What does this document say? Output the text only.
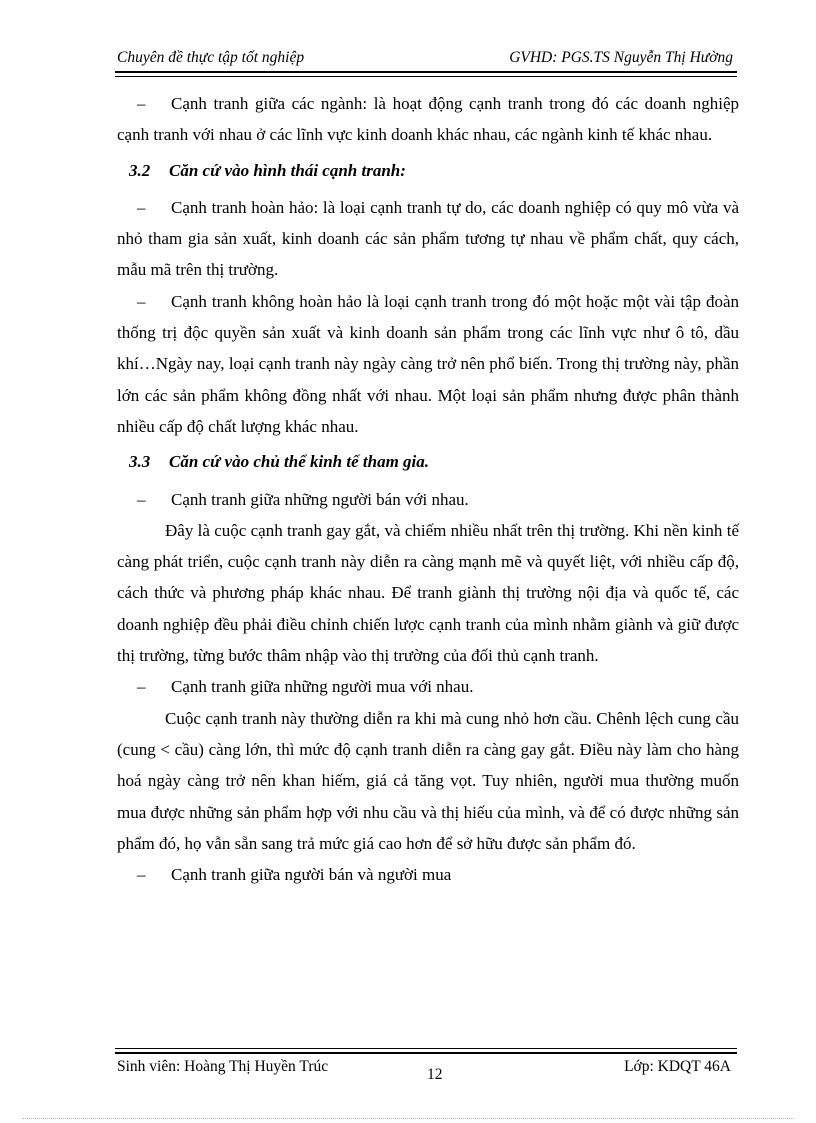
Chuyên đề thực tập tốt nghiệp	GVHD: PGS.TS Nguyễn Thị Hường

– Cạnh tranh giữa các ngành: là hoạt động cạnh tranh trong đó các doanh nghiệp cạnh tranh với nhau ở các lĩnh vực kinh doanh khác nhau, các ngành kinh tế khác nhau.

3.2 Căn cứ vào hình thái cạnh tranh:

– Cạnh tranh hoàn hảo: là loại cạnh tranh tự do, các doanh nghiệp có quy mô vừa và nhỏ tham gia sản xuất, kinh doanh các sản phẩm tương tự nhau về phẩm chất, quy cách, mẫu mã trên thị trường.

– Cạnh tranh không hoàn hảo là loại cạnh tranh trong đó một hoặc một vài tập đoàn thống trị độc quyền sản xuất và kinh doanh sản phẩm trong các lĩnh vực như ô tô, dầu khí…Ngày nay, loại cạnh tranh này ngày càng trở nên phổ biến. Trong thị trường này, phần lớn các sản phẩm không đồng nhất với nhau. Một loại sản phẩm nhưng được phân thành nhiều cấp độ chất lượng khác nhau.

3.3 Căn cứ vào chủ thể kinh tế tham gia.

– Cạnh tranh giữa những người bán với nhau.

Đây là cuộc cạnh tranh gay gắt, và chiếm nhiều nhất trên thị trường. Khi nền kinh tế càng phát triển, cuộc cạnh tranh này diễn ra càng mạnh mẽ và quyết liệt, với nhiều cấp độ, cách thức và phương pháp khác nhau. Để tranh giành thị trường nội địa và quốc tế, các doanh nghiệp đều phải điều chỉnh chiến lược cạnh tranh của mình nhằm giành và giữ được thị trường, từng bước thâm nhập vào thị trường của đối thủ cạnh tranh.

– Cạnh tranh giữa những người mua với nhau.

Cuộc cạnh tranh này thường diễn ra khi mà cung nhỏ hơn cầu. Chênh lệch cung cầu (cung < cầu) càng lớn, thì mức độ cạnh tranh diễn ra càng gay gắt. Điều này làm cho hàng hoá ngày càng trở nên khan hiếm, giá cả tăng vọt. Tuy nhiên, người mua thường muốn mua được những sản phẩm hợp với nhu cầu và thị hiếu của mình, và để có được những sản phẩm đó, họ vẫn sẵn sang trả mức giá cao hơn để sở hữu được sản phẩm đó.

– Cạnh tranh giữa người bán và người mua

Sinh viên: Hoàng Thị Huyền Trúc	12	Lớp: KDQT 46A
